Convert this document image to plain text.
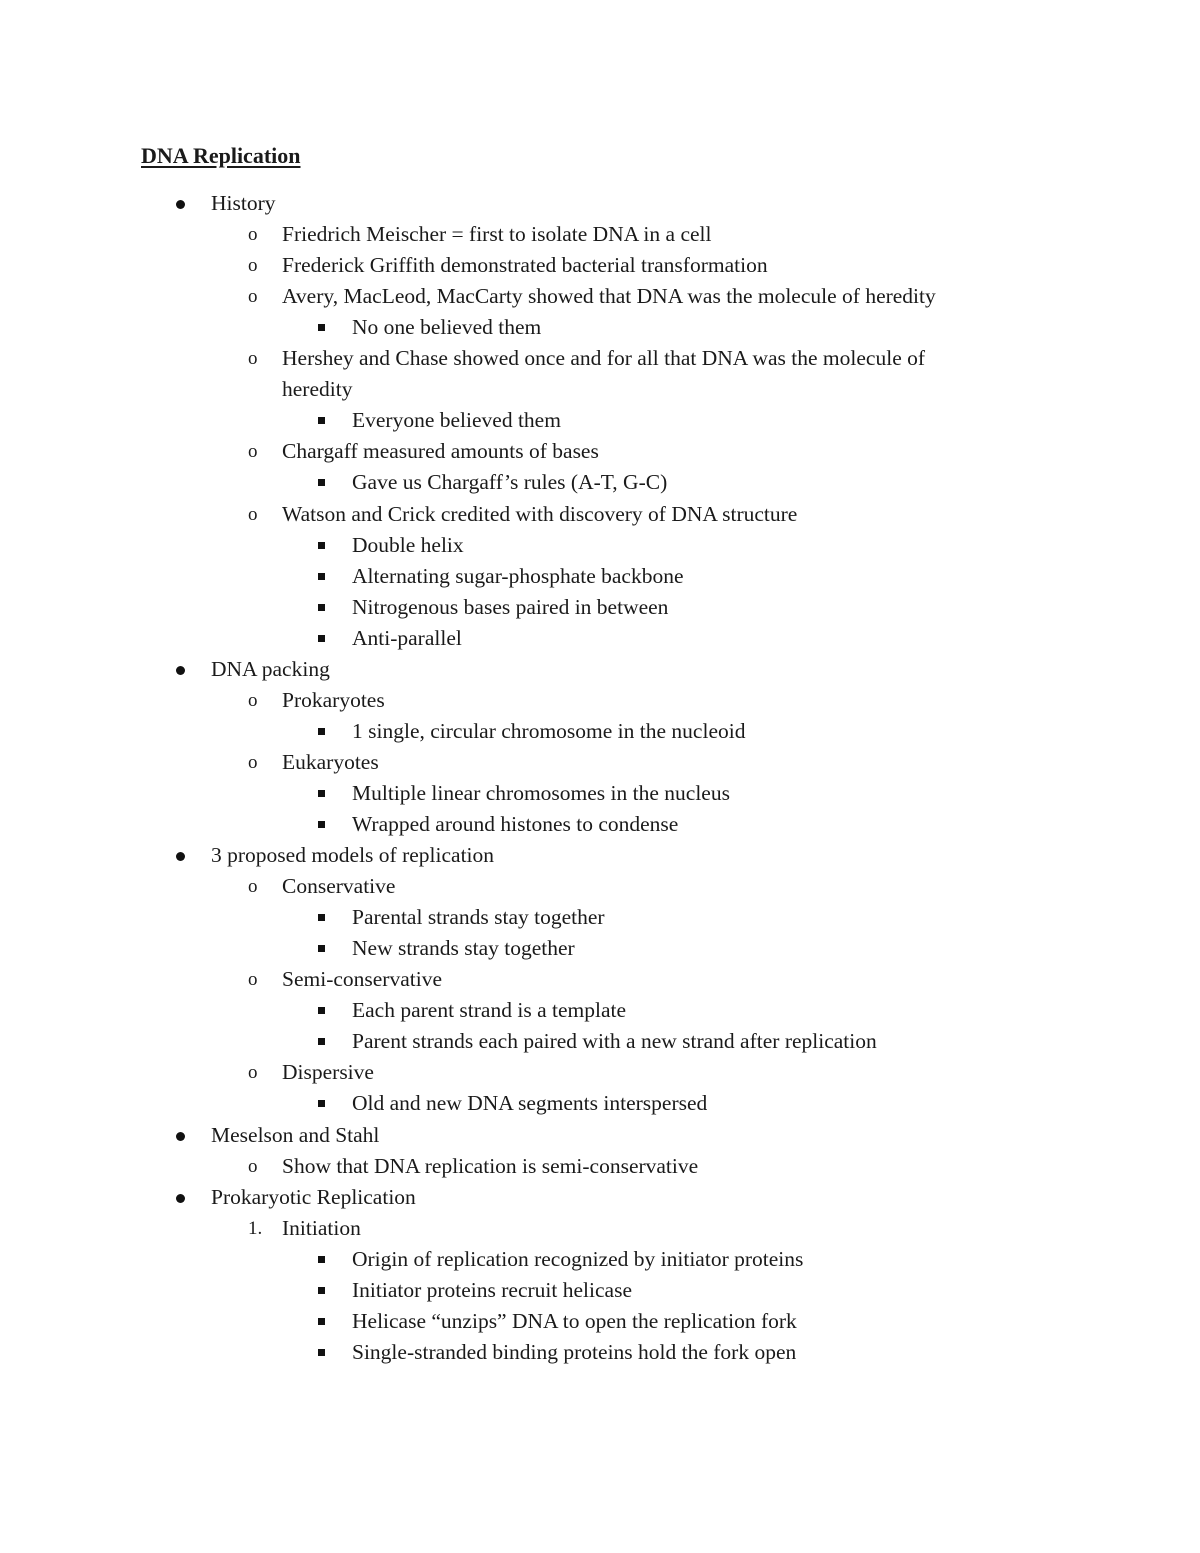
DNA Replication
History
o Friedrich Meischer = first to isolate DNA in a cell
o Frederick Griffith demonstrated bacterial transformation
o Avery, MacLeod, MacCarty showed that DNA was the molecule of heredity
No one believed them
o Hershey and Chase showed once and for all that DNA was the molecule of
heredity
Everyone believed them
o Chargaff measured amounts of bases
Gave us Chargaff’s rules (A-T, G-C)
o Watson and Crick credited with discovery of DNA structure
Double helix
Alternating sugar-phosphate backbone
Nitrogenous bases paired in between
Anti-parallel
DNA packing
o Prokaryotes
1 single, circular chromosome in the nucleoid
o Eukaryotes
Multiple linear chromosomes in the nucleus
Wrapped around histones to condense
3 proposed models of replication
o Conservative
Parental strands stay together
New strands stay together
o Semi-conservative
Each parent strand is a template
Parent strands each paired with a new strand after replication
o Dispersive
Old and new DNA segments interspersed
Meselson and Stahl
o Show that DNA replication is semi-conservative
Prokaryotic Replication
1. Initiation
Origin of replication recognized by initiator proteins
Initiator proteins recruit helicase
Helicase “unzips” DNA to open the replication fork
Single-stranded binding proteins hold the fork open
